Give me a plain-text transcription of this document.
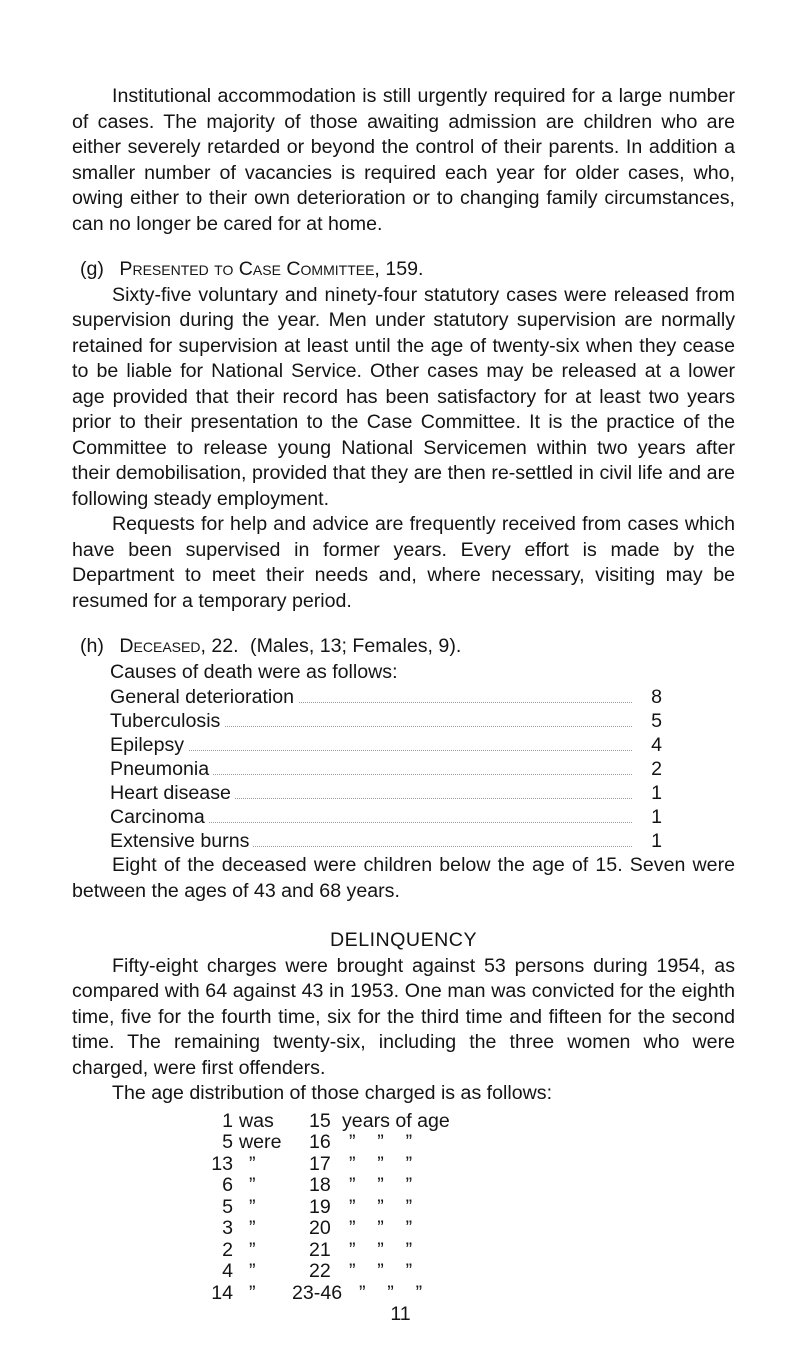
Institutional accommodation is still urgently required for a large number of cases. The majority of those awaiting admission are children who are either severely retarded or beyond the control of their parents. In addition a smaller number of vacancies is required each year for older cases, who, owing either to their own deterioration or to changing family circumstances, can no longer be cared for at home.

(g) Presented to Case Committee, 159.

Sixty-five voluntary and ninety-four statutory cases were released from supervision during the year. Men under statutory supervision are normally retained for supervision at least until the age of twenty-six when they cease to be liable for National Service. Other cases may be released at a lower age provided that their record has been satisfactory for at least two years prior to their presentation to the Case Committee. It is the practice of the Committee to release young National Servicemen within two years after their demobilisation, provided that they are then re-settled in civil life and are following steady employment.

Requests for help and advice are frequently received from cases which have been supervised in former years. Every effort is made by the Department to meet their needs and, where necessary, visiting may be resumed for a temporary period.

(h) Deceased, 22. (Males, 13; Females, 9).

Causes of death were as follows:

General deterioration	8
Tuberculosis	5
Epilepsy	4
Pneumonia	2
Heart disease	1
Carcinoma	1
Extensive burns	1

Eight of the deceased were children below the age of 15. Seven were between the ages of 43 and 68 years.

DELINQUENCY

Fifty-eight charges were brought against 53 persons during 1954, as compared with 64 against 43 in 1953. One man was convicted for the eighth time, five for the fourth time, six for the third time and fifteen for the second time. The remaining twenty-six, including the three women who were charged, were first offenders.

The age distribution of those charged is as follows:

1 was 15 years of age
5 were 16 ”    ”    ”
13 ”	17 ”    ”    ”
6 ”	18 ”    ”    ”
5 ”	19 ”    ”    ”
3 ”	20 ”    ”    ”
2 ”	21 ”    ”    ”
4 ”	22 ”    ”    ”
14 ” 23-46 ”    ”    ”
11
